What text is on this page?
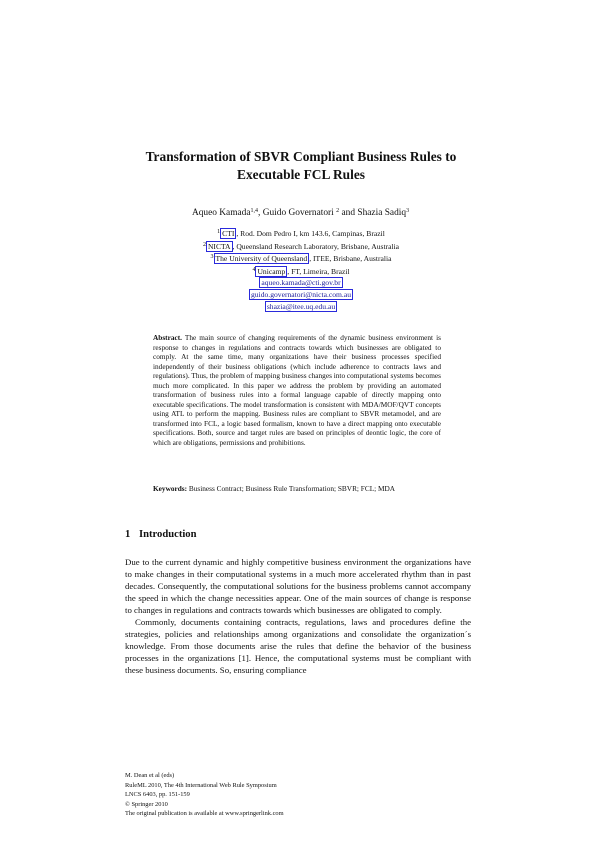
Transformation of SBVR Compliant Business Rules to
Executable FCL Rules
Aqueo Kamada$^{1,4}$, Guido Governatori $^2$ and Shazia Sadiq$^3$
$^1$ CTI , Rod. Dom Pedro I, km 143.6, Campinas, Brazil
$^2$ NICTA , Queensland Research Laboratory, Brisbane, Australia
$^3$ The University of Queensland , ITEE, Brisbane, Australia
$^4$ Unicamp , FT, Limeira, Brazil
aqueo.kamada@cti.gov.br
guido.governatori@nicta.com.au
shazia@itee.uq.edu.au
Abstract. The main source of changing requirements of the dynamic business environment is response to changes in regulations and contracts towards which businesses are obligated to comply. At the same time, many organizations have their business processes specified independently of their business obligations (which include adherence to contracts laws and regulations). Thus, the problem of mapping business changes into computational systems becomes much more complicated. In this paper we address the problem by providing an automated transformation of business rules into a formal language capable of directly mapping onto executable specifications. The model transformation is consistent with MDA/MOF/QVT concepts using ATL to perform the mapping. Business rules are compliant to SBVR metamodel, and are transformed into FCL, a logic based formalism, known to have a direct mapping onto executable specifications. Both, source and target rules are based on principles of deontic logic, the core of which are obligations, permissions and prohibitions.
Keywords: Business Contract; Business Rule Transformation; SBVR; FCL; MDA
1 Introduction

Due to the current dynamic and highly competitive business environment the organizations have to make changes in their computational systems in a much more accelerated rhythm than in past decades. Consequently, the computational solutions for the business problems cannot accompany the speed in which the change necessities appear. One of the main sources of change is response to changes in regulations and contracts towards which businesses are obligated to comply.

Commonly, documents containing contracts, regulations, laws and procedures define the strategies, policies and relationships among organizations and consolidate the organization´s knowledge. From those documents arise the rules that define the behavior of the business processes in the organizations [1]. Hence, the computational systems must be compliant with these business documents. So, ensuring compliance

M. Dean et al (eds)
RuleML 2010, The 4th International Web Rule Symposium
LNCS 6403, pp. 151-159
© Springer 2010
The original publication is available at www.springerlink.com
